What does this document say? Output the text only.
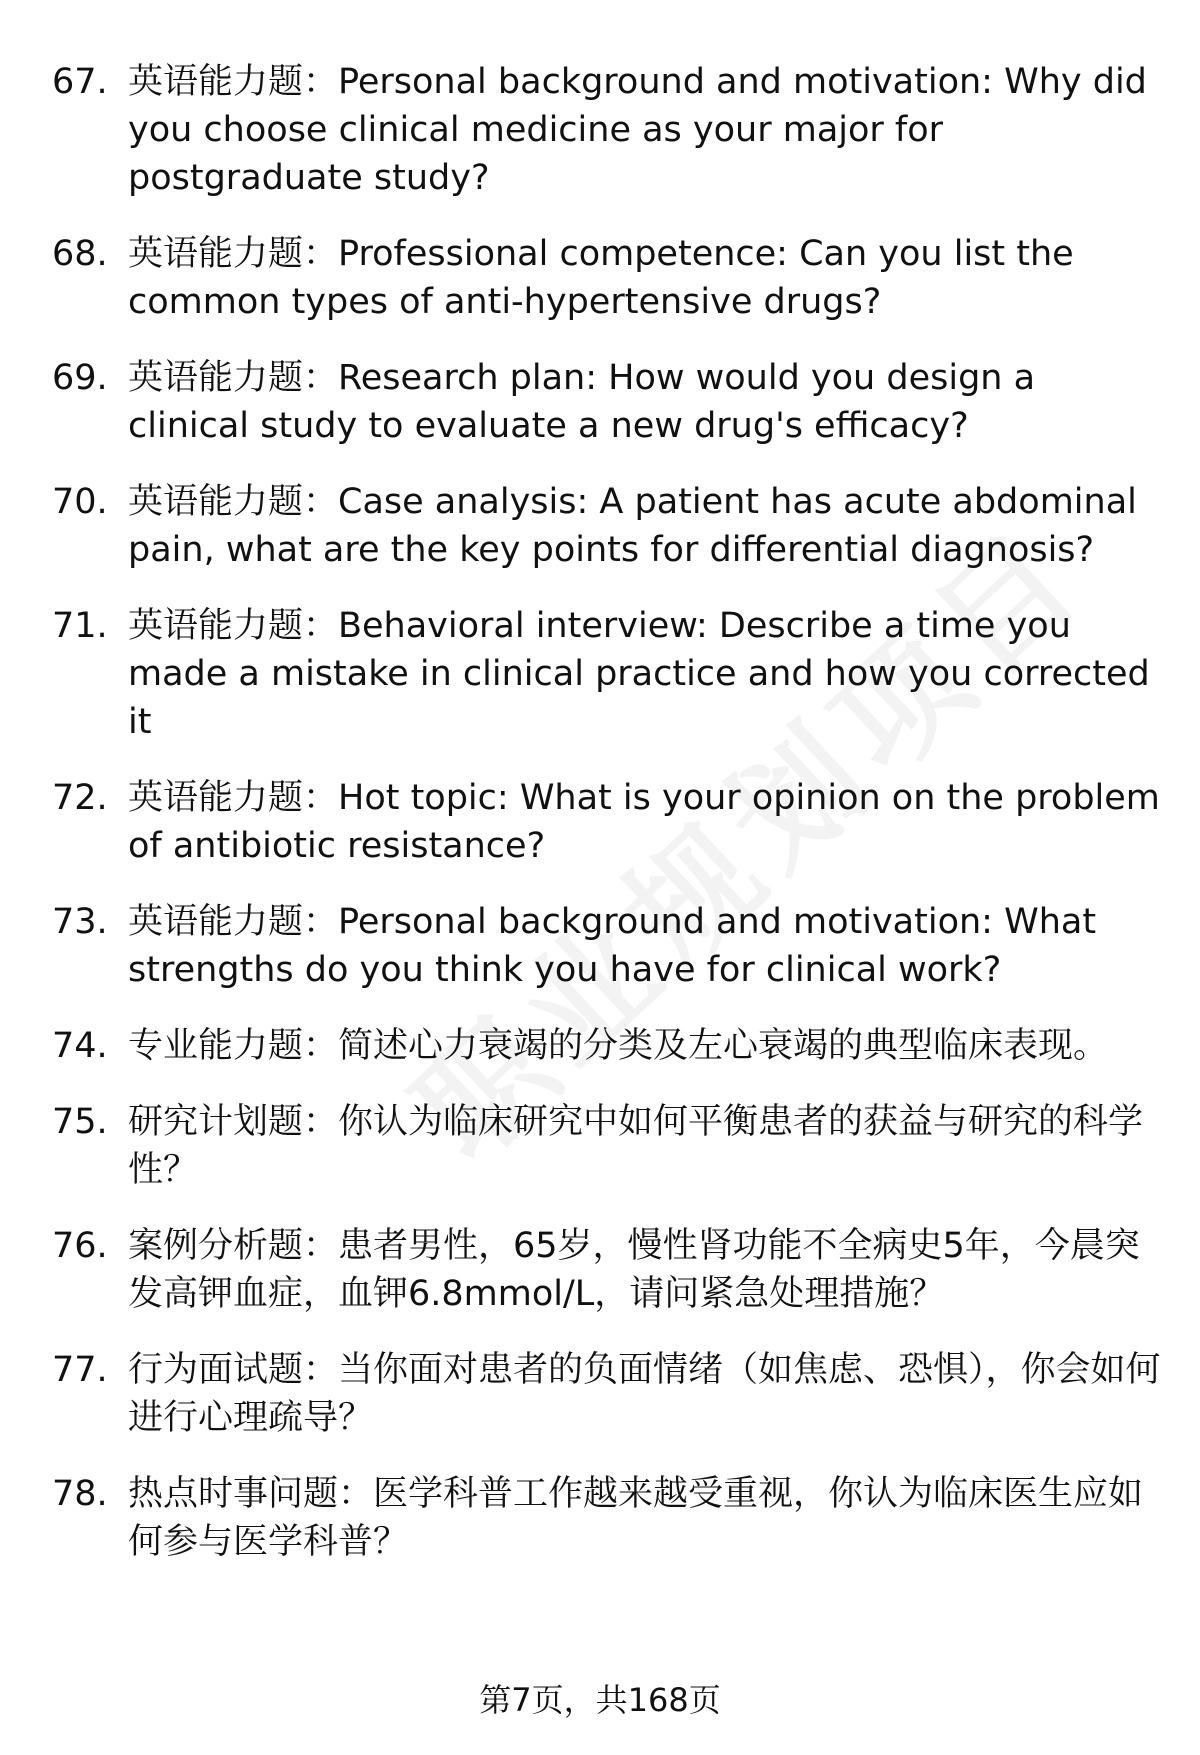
67. 英语能力题：Personal background and motivation: Why did you choose clinical medicine as your major for postgraduate study?
68. 英语能力题：Professional competence: Can you list the common types of anti-hypertensive drugs?
69. 英语能力题：Research plan: How would you design a clinical study to evaluate a new drug's efficacy?
70. 英语能力题：Case analysis: A patient has acute abdominal pain, what are the key points for differential diagnosis?
71. 英语能力题：Behavioral interview: Describe a time you made a mistake in clinical practice and how you corrected it
72. 英语能力题：Hot topic: What is your opinion on the problem of antibiotic resistance?
73. 英语能力题：Personal background and motivation: What strengths do you think you have for clinical work?
74. 专业能力题：简述心力衰竭的分类及左心衰竭的典型临床表现。
75. 研究计划题：你认为临床研究中如何平衡患者的获益与研究的科学性？
76. 案例分析题：患者男性，65岁，慢性肾功能不全病史5年，今晨突发高钾血症，血钾6.8mmol/L，请问紧急处理措施？
77. 行为面试题：当你面对患者的负面情绪（如焦虑、恐惧），你会如何进行心理疏导？
78. 热点时事问题：医学科普工作越来越受重视，你认为临床医生应如何参与医学科普？
第7页，共168页
